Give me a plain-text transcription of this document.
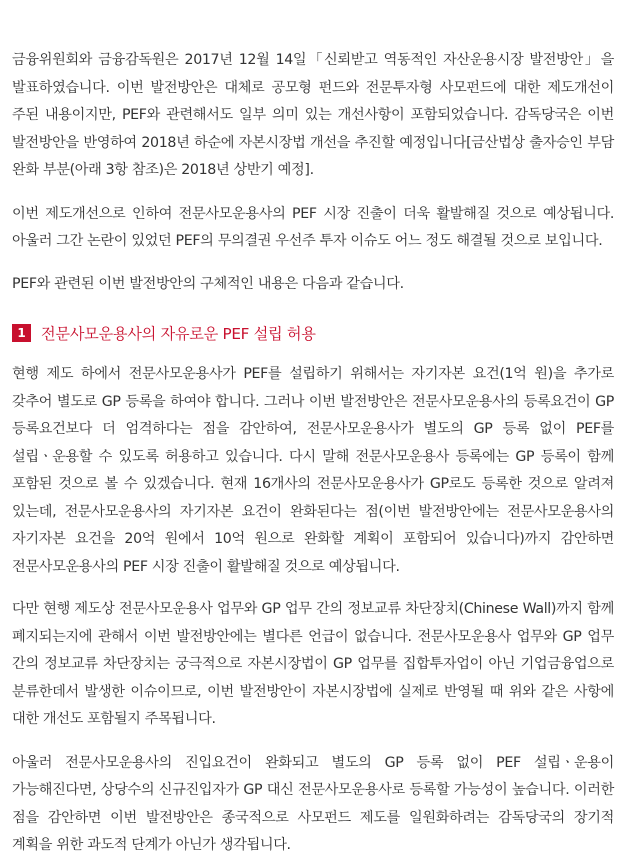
금융위원회와 금융감독원은 2017년 12월 14일「신뢰받고 역동적인 자산운용시장 발전방안」을 발표하였습니다. 이번 발전방안은 대체로 공모형 펀드와 전문투자형 사모펀드에 대한 제도개선이 주된 내용이지만, PEF와 관련해서도 일부 의미 있는 개선사항이 포함되었습니다. 감독당국은 이번 발전방안을 반영하여 2018년 하순에 자본시장법 개선을 추진할 예정입니다[금산법상 출자승인 부담 완화 부분(아래 3항 참조)은 2018년 상반기 예정].

이번 제도개선으로 인하여 전문사모운용사의 PEF 시장 진출이 더욱 활발해질 것으로 예상됩니다. 아울러 그간 논란이 있었던 PEF의 무의결권 우선주 투자 이슈도 어느 정도 해결될 것으로 보입니다.

PEF와 관련된 이번 발전방안의 구체적인 내용은 다음과 같습니다.

1	전문사모운용사의 자유로운 PEF 설립 허용

현행 제도 하에서 전문사모운용사가 PEF를 설립하기 위해서는 자기자본 요건(1억 원)을 추가로 갖추어 별도로 GP 등록을 하여야 합니다. 그러나 이번 발전방안은 전문사모운용사의 등록요건이 GP 등록요건보다 더 엄격하다는 점을 감안하여, 전문사모운용사가 별도의 GP 등록 없이 PEF를 설립ㆍ운용할 수 있도록 허용하고 있습니다. 다시 말해 전문사모운용사 등록에는 GP 등록이 함께 포함된 것으로 볼 수 있겠습니다. 현재 16개사의 전문사모운용사가 GP로도 등록한 것으로 알려져 있는데, 전문사모운용사의 자기자본 요건이 완화된다는 점(이번 발전방안에는 전문사모운용사의 자기자본 요건을 20억 원에서 10억 원으로 완화할 계획이 포함되어 있습니다)까지 감안하면 전문사모운용사의 PEF 시장 진출이 활발해질 것으로 예상됩니다.

다만 현행 제도상 전문사모운용사 업무와 GP 업무 간의 정보교류 차단장치(Chinese Wall)까지 함께 폐지되는지에 관해서 이번 발전방안에는 별다른 언급이 없습니다. 전문사모운용사 업무와 GP 업무 간의 정보교류 차단장치는 궁극적으로 자본시장법이 GP 업무를 집합투자업이 아닌 기업금융업으로 분류한데서 발생한 이슈이므로, 이번 발전방안이 자본시장법에 실제로 반영될 때 위와 같은 사항에 대한 개선도 포함될지 주목됩니다.

아울러 전문사모운용사의 진입요건이 완화되고 별도의 GP 등록 없이 PEF 설립ㆍ운용이 가능해진다면, 상당수의 신규진입자가 GP 대신 전문사모운용사로 등록할 가능성이 높습니다. 이러한 점을 감안하면 이번 발전방안은 종국적으로 사모펀드 제도를 일원화하려는 감독당국의 장기적 계획을 위한 과도적 단계가 아닌가 생각됩니다.
